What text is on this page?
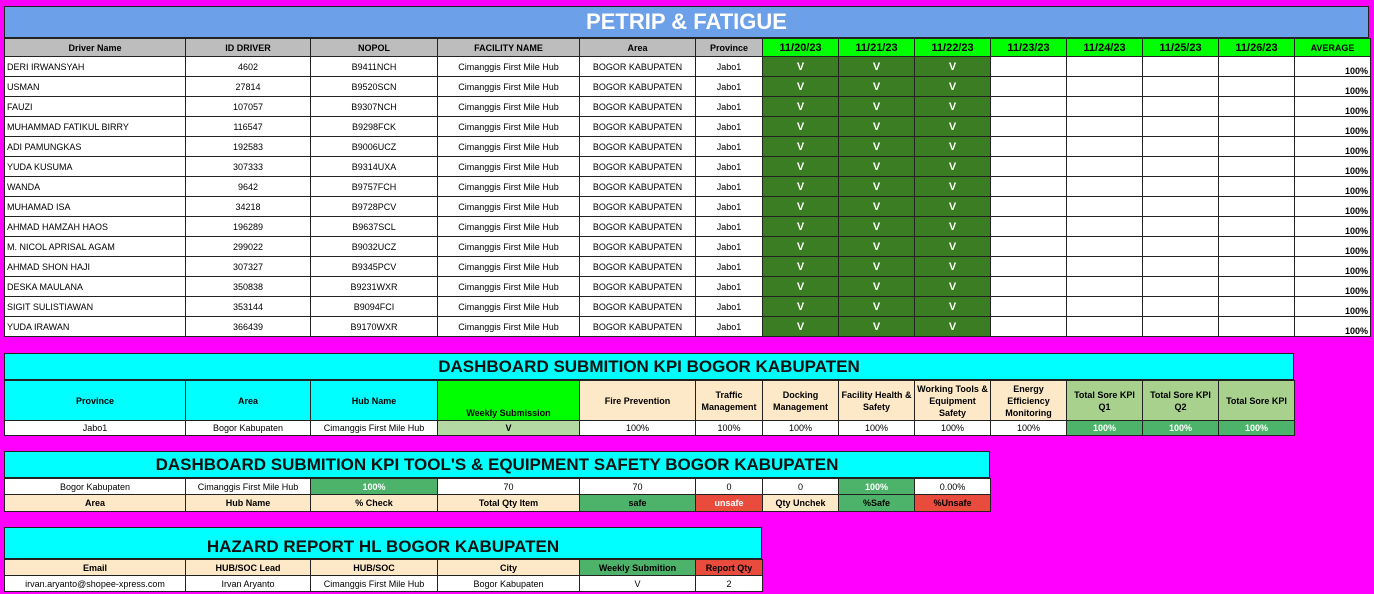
PETRIP & FATIGUE
Driver Name	ID DRIVER	NOPOL	FACILITY NAME	Area	Province	11/20/23	11/21/23	11/22/23	11/23/23	11/24/23	11/25/23	11/26/23	AVERAGE
DERI IRWANSYAH	4602	B9411NCH	Cimanggis First Mile Hub	BOGOR KABUPATEN	Jabo1	V	V	V					100%
USMAN	27814	B9520SCN	Cimanggis First Mile Hub	BOGOR KABUPATEN	Jabo1	V	V	V					100%
FAUZI	107057	B9307NCH	Cimanggis First Mile Hub	BOGOR KABUPATEN	Jabo1	V	V	V					100%
MUHAMMAD FATIKUL BIRRY	116547	B9298FCK	Cimanggis First Mile Hub	BOGOR KABUPATEN	Jabo1	V	V	V					100%
ADI PAMUNGKAS	192583	B9006UCZ	Cimanggis First Mile Hub	BOGOR KABUPATEN	Jabo1	V	V	V					100%
YUDA KUSUMA	307333	B9314UXA	Cimanggis First Mile Hub	BOGOR KABUPATEN	Jabo1	V	V	V					100%
WANDA	9642	B9757FCH	Cimanggis First Mile Hub	BOGOR KABUPATEN	Jabo1	V	V	V					100%
MUHAMAD ISA	34218	B9728PCV	Cimanggis First Mile Hub	BOGOR KABUPATEN	Jabo1	V	V	V					100%
AHMAD HAMZAH HAOS	196289	B9637SCL	Cimanggis First Mile Hub	BOGOR KABUPATEN	Jabo1	V	V	V					100%
M. NICOL APRISAL AGAM	299022	B9032UCZ	Cimanggis First Mile Hub	BOGOR KABUPATEN	Jabo1	V	V	V					100%
AHMAD SHON HAJI	307327	B9345PCV	Cimanggis First Mile Hub	BOGOR KABUPATEN	Jabo1	V	V	V					100%
DESKA MAULANA	350838	B9231WXR	Cimanggis First Mile Hub	BOGOR KABUPATEN	Jabo1	V	V	V					100%
SIGIT SULISTIAWAN	353144	B9094FCI	Cimanggis First Mile Hub	BOGOR KABUPATEN	Jabo1	V	V	V					100%
YUDA IRAWAN	366439	B9170WXR	Cimanggis First Mile Hub	BOGOR KABUPATEN	Jabo1	V	V	V					100%
DASHBOARD SUBMITION KPI BOGOR KABUPATEN
Province	Area	Hub Name	Weekly Submission	Fire Prevention	Traffic Management	Docking Management	Facility Health & Safety	Working Tools & Equipment Safety	Energy Efficiency Monitoring	Total Sore KPI Q1	Total Sore KPI Q2	Total Sore KPI
Jabo1	Bogor Kabupaten	Cimanggis First Mile Hub	V	100%	100%	100%	100%	100%	100%	100%	100%	100%
DASHBOARD SUBMITION KPI TOOL'S & EQUIPMENT SAFETY BOGOR KABUPATEN
Bogor Kabupaten	Cimanggis First Mile Hub	100%	70	70	0	0	100%	0.00%
Area	Hub Name	% Check	Total Qty Item	safe	unsafe	Qty Unchek	%Safe	%Unsafe
HAZARD REPORT HL BOGOR KABUPATEN
Email	HUB/SOC Lead	HUB/SOC	City	Weekly Submition	Report Qty
irvan.aryanto@shopee-xpress.com	Irvan Aryanto	Cimanggis First Mile Hub	Bogor Kabupaten	V	2
